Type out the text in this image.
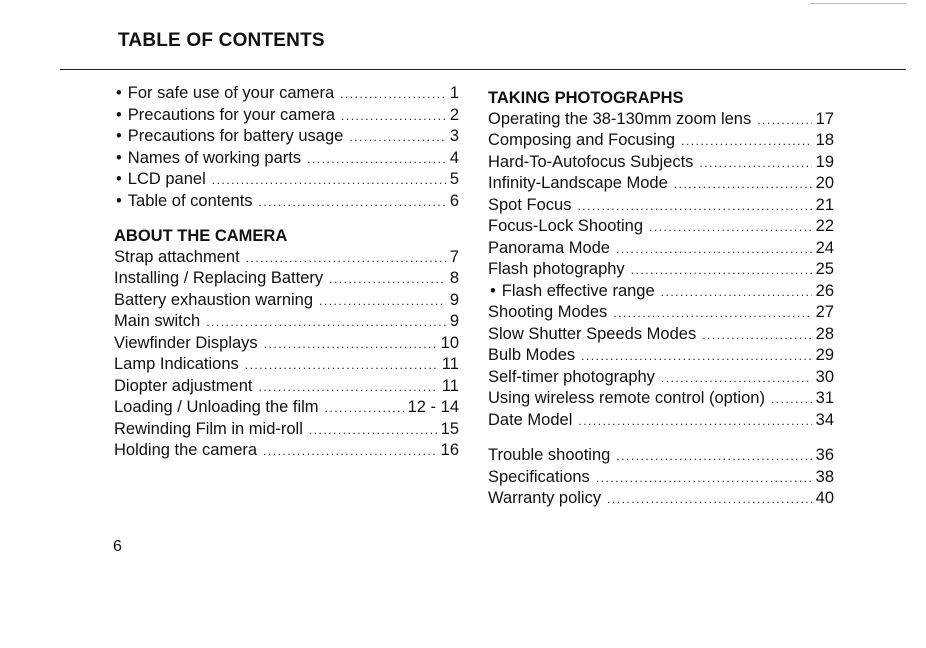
TABLE OF CONTENTS
• For safe use of your camera .....	1
• Precautions for your camera .....	2
• Precautions for battery usage .....	3
• Names of working parts .....	4
• LCD panel .....	5
• Table of contents .....	6
ABOUT THE CAMERA
Strap attachment .....	7
Installing / Replacing Battery .....	8
Battery exhaustion warning .....	9
Main switch .....	9
Viewfinder Displays .....	10
Lamp Indications .....	11
Diopter adjustment .....	11
Loading / Unloading the film .....	12 - 14
Rewinding Film in mid-roll .....	15
Holding the camera .....	16
TAKING PHOTOGRAPHS
Operating the 38-130mm zoom lens .....	17
Composing and Focusing .....	18
Hard-To-Autofocus Subjects .....	19
Infinity-Landscape Mode .....	20
Spot Focus .....	21
Focus-Lock Shooting .....	22
Panorama Mode .....	24
Flash photography .....	25
• Flash effective range .....	26
Shooting Modes .....	27
Slow Shutter Speeds Modes .....	28
Bulb Modes .....	29
Self-timer photography .....	30
Using wireless remote control (option) .....	31
Date Model .....	34
Trouble shooting .....	36
Specifications .....	38
Warranty policy .....	40
6
